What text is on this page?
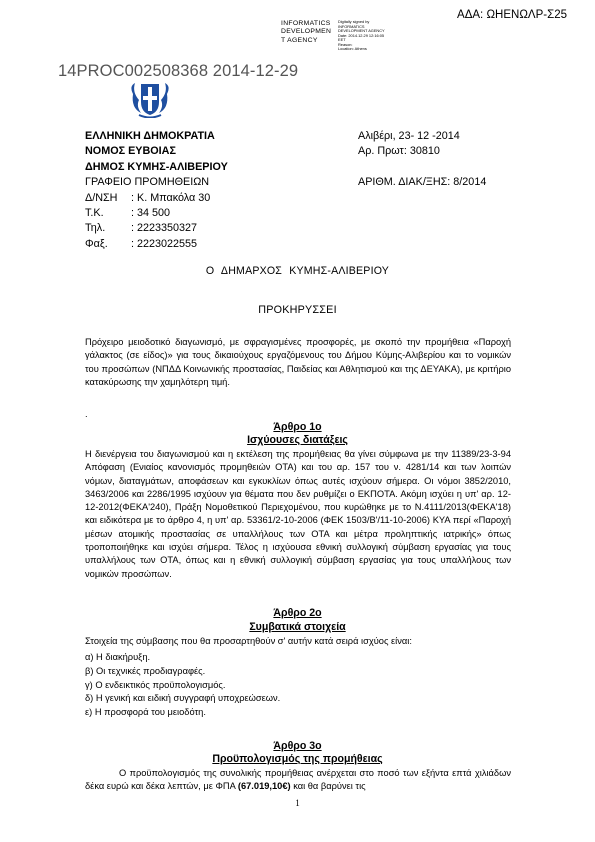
ΑΔΑ: ΩΗΕΝΩΛΡ-Σ25
INFORMATICS
DEVELOPMEN
T AGENCY
Digitally signed by
INFORMATICS
DEVELOPMENT AGENCY
Date: 2014.12.29 12:16:05
EET
Reason:
Location: Athens
14PROC002508368 2014-12-29
ΕΛΛΗΝΙΚΗ ΔΗΜΟΚΡΑΤΙΑ
ΝΟΜΟΣ ΕΥΒΟΙΑΣ
ΔΗΜΟΣ ΚΥΜΗΣ-ΑΛΙΒΕΡΙΟΥ
ΓΡΑΦΕΙΟ ΠΡΟΜΗΘΕΙΩΝ
Δ/ΝΣΗ	: Κ. Μπακόλα 30
Τ.Κ.	: 34 500
Τηλ.	: 2223350327
Φαξ.	: 2223022555
Αλιβέρι, 23- 12 -2014
Αρ. Πρωτ: 30810
ΑΡΙΘΜ. ΔΙΑΚ/ΞΗΣ: 8/2014
Ο ΔΗΜΑΡΧΟΣ ΚΥΜΗΣ-ΑΛΙΒΕΡΙΟΥ
ΠΡΟΚΗΡΥΣΣΕΙ
Πρόχειρο μειοδοτικό διαγωνισμό, με σφραγισμένες προσφορές, με σκοπό την προμήθεια «Παροχή γάλακτος (σε είδος)» για τους δικαιούχους εργαζόμενους του Δήμου Κύμης-Αλιβερίου και το νομικών του προσώπων (ΝΠΔΔ Κοινωνικής προστασίας, Παιδείας και Αθλητισμού και της ΔΕΥΑΚΑ), με κριτήριο κατακύρωσης την χαμηλότερη τιμή.
.
Άρθρο 1ο
Ισχύουσες διατάξεις
Η διενέργεια του διαγωνισμού και η εκτέλεση της προμήθειας θα γίνει σύμφωνα με την 11389/23-3-94 Απόφαση (Ενιαίος κανονισμός προμηθειών ΟΤΑ) και του αρ. 157 του ν. 4281/14 και των λοιπών νόμων, διαταγμάτων, αποφάσεων και εγκυκλίων όπως αυτές ισχύουν σήμερα. Οι νόμοι 3852/2010, 3463/2006 και 2286/1995 ισχύουν για θέματα που δεν ρυθμίζει ο ΕΚΠΟΤΑ. Ακόμη ισχύει η υπ' αρ. 12-12-2012(ΦΕΚΑ'240), Πράξη Νομοθετικού Περιεχομένου, που κυρώθηκε με το Ν.4111/2013(ΦΕΚΑ'18) και ειδικότερα με το άρθρο 4, η υπ' αρ. 53361/2-10-2006 (ΦΕΚ 1503/Β'/11-10-2006) ΚΥΑ περί «Παροχή μέσων ατομικής προστασίας σε υπαλλήλους των ΟΤΑ και μέτρα προληπτικής ιατρικής» όπως τροποποιήθηκε και ισχύει σήμερα. Τέλος η ισχύουσα εθνική συλλογική σύμβαση εργασίας για τους υπαλλήλους των ΟΤΑ, όπως και η εθνική συλλογική σύμβαση εργασίας για τους υπαλλήλους των νομικών προσώπων.
Άρθρο 2ο
Συμβατικά στοιχεία
Στοιχεία της σύμβασης που θα προσαρτηθούν σ' αυτήν κατά σειρά ισχύος είναι:
α) Η διακήρυξη.
β) Οι τεχνικές προδιαγραφές.
γ) Ο ενδεικτικός προϋπολογισμός.
δ) Η γενική και ειδική συγγραφή υποχρεώσεων.
ε) Η προσφορά του μειοδότη.
Άρθρο 3ο
Προϋπολογισμός της προμήθειας
Ο προϋπολογισμός της συνολικής προμήθειας ανέρχεται στο ποσό των εξήντα επτά χιλιάδων δέκα ευρώ και δέκα λεπτών, με ΦΠΑ (67.019,10€) και θα βαρύνει τις
1
